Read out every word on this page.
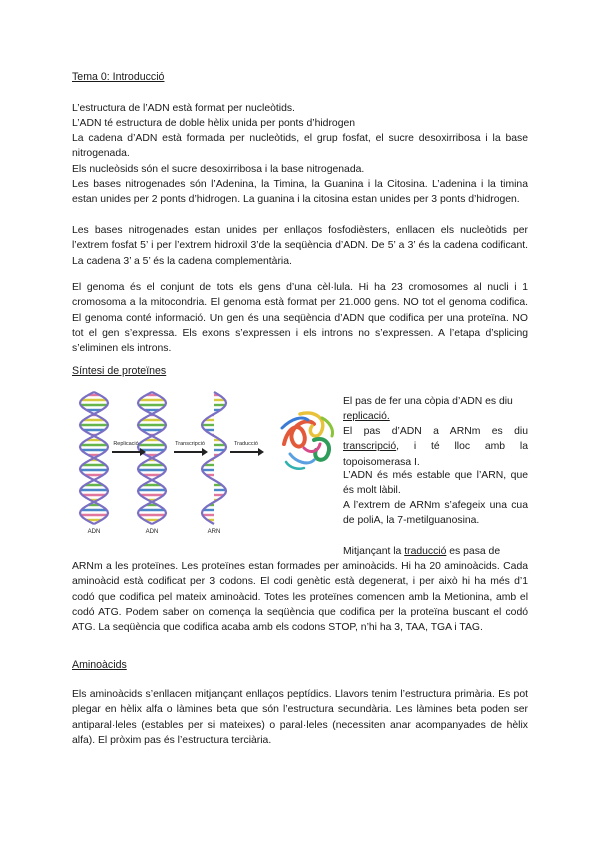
Tema 0: Introducció

L’estructura de l’ADN està format per nucleòtids.

L’ADN té estructura de doble hèlix unida per ponts d’hidrogen

La cadena d’ADN està formada per nucleòtids, el grup fosfat, el sucre desoxirribosa i la base nitrogenada.

Els nucleòsids són el sucre desoxirribosa i la base nitrogenada.

Les bases nitrogenades són l’Adenina, la Timina, la Guanina i la Citosina. L’adenina i la timina estan unides per 2 ponts d’hidrogen. La guanina i la citosina estan unides per 3 ponts d’hidrogen.

Les bases nitrogenades estan unides per enllaços fosfodièsters, enllacen els nucleòtids per l’extrem fosfat 5’ i per l’extrem hidroxil 3’de la seqüència d’ADN. De 5’ a 3’ és la cadena codificant. La cadena 3’ a 5’ és la cadena complementària.

El genoma és el conjunt de tots els gens d’una cèl·lula. Hi ha 23 cromosomes al nucli i 1 cromosoma a la mitocondria. El genoma està format per 21.000 gens. NO tot el genoma codifica. El genoma conté informació. Un gen és una seqüència d’ADN que codifica per una proteïna. NO tot el gen s’expressa. Els exons s’expressen i els introns no s’expressen. A l’etapa d’splicing s’eliminen els introns.

Síntesi de proteïnes
Replicació	Transcripció	Traducció
ADN	ADN	ARN

El pas de fer una còpia d’ADN es diu replicació.

El pas d’ADN a ARNm es diu transcripció, i té lloc amb la topoisomerasa I.

L’ADN és més estable que l’ARN, que és molt làbil.

A l’extrem de ARNm s’afegeix una cua de poliA, la 7-metilguanosina.

Mitjançant la traducció es pasa de

ARNm a les proteïnes. Les proteïnes estan formades per aminoàcids. Hi ha 20 aminoàcids. Cada aminoàcid està codificat per 3 codons. El codi genètic està degenerat, i per això hi ha més d’1 codó que codifica pel mateix aminoàcid. Totes les proteïnes comencen amb la Metionina, amb el codó ATG. Podem saber on comença la seqüència que codifica per la proteïna buscant el codó ATG. La seqüència que codifica acaba amb els codons STOP, n’hi ha 3, TAA, TGA i TAG.

Aminoàcids

Els aminoàcids s’enllacen mitjançant enllaços peptídics. Llavors tenim l’estructura primària. Es pot plegar en hèlix alfa o làmines beta que són l’estructura secundària. Les làmines beta poden ser antiparal·leles (estables per si mateixes) o paral·leles (necessiten anar acompanyades de hèlix alfa). El pròxim pas és l’estructura terciària.
